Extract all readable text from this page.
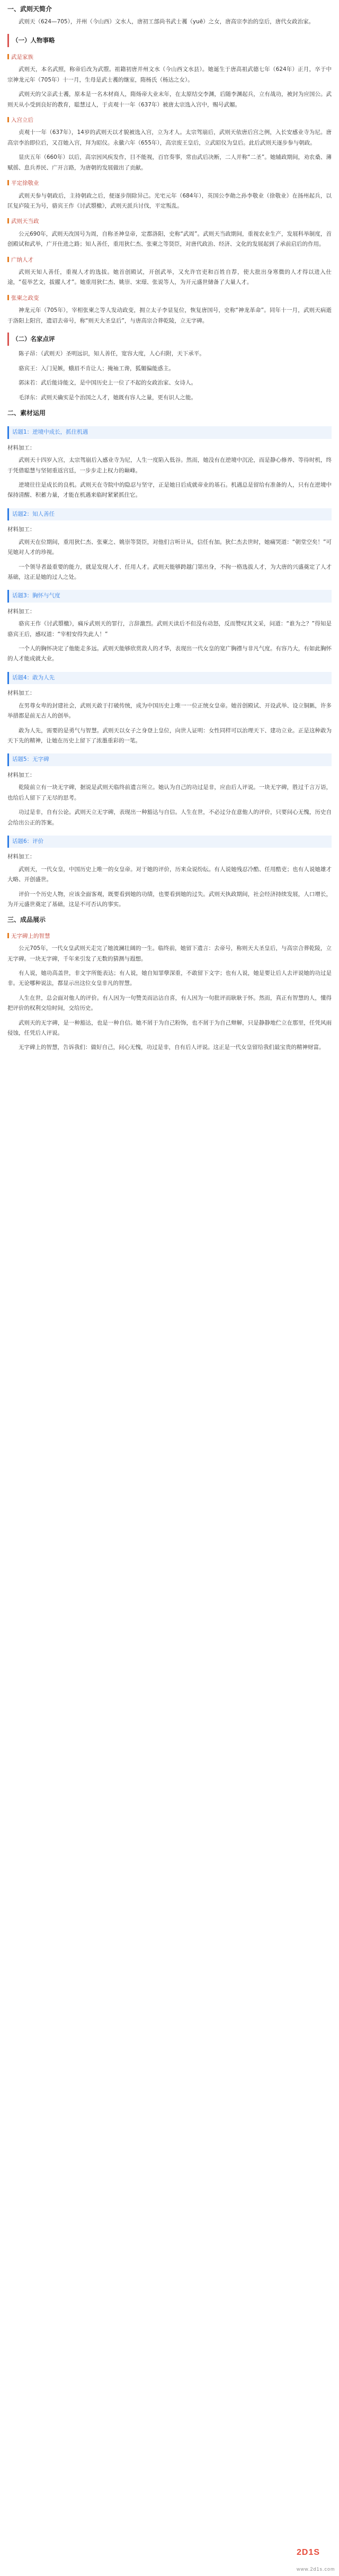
一、武则天简介

武则天（624—705），并州（今山西）文水人，唐初工部尚书武士彟（yuē）之女，唐高宗李治的皇后，唐代女政治家。

（一）人物事略
武是家族

武则天，本名武照，称帝后改为武曌。祖籍初唐并州文水（今山西文水县）。她诞生于唐高祖武德七年（624年）正月，卒于中宗神龙元年（705年）十一月，生母是武士彟的继室，隋杨氏（杨达之女）。

武则天的父亲武士彟，原本是一名木材商人，隋炀帝大业末年，在太原结交李渊，后随李渊起兵，立有战功，被封为应国公。武则天从小受到良好的教育，聪慧过人，于贞观十一年（637年）被唐太宗选入宫中，赐号武媚。

入宫立后

贞观十一年（637年），14岁的武则天以才貌被选入宫，立为才人。太宗驾崩后，武则天依唐后宫之例，入长安感业寺为尼。唐高宗李治即位后，又召她入宫，拜为昭仪。永徽六年（655年），高宗废王皇后，立武昭仪为皇后。此后武则天逐步参与朝政。

显庆五年（660年）以后，高宗因风疾发作，目不能视，百官奏事，常由武后决断，二人并称“二圣”。她辅政期间，劝农桑、薄赋徭、息兵养民、广开言路，为唐朝的发展做出了贡献。

平定徐敬业

武则天参与朝政后，主持朝政之后，便逐步削除异己。光宅元年（684年），英国公李勣之孙李敬业（徐敬业）在扬州起兵，以匡复庐陵王为号，骆宾王作《讨武曌檄》，武则天派兵讨伐，平定叛乱。

武则天当政

公元690年，武则天改国号为周，自称圣神皇帝，定都洛阳，史称“武周”。武则天当政期间，重视农业生产，发展科举制度，首创殿试和武举，广开仕进之路；知人善任，重用狄仁杰、张柬之等贤臣，对唐代政治、经济、文化的发展起到了承前启后的作用。

广纳人才

武则天知人善任，重视人才的选拔。她首创殿试，开创武举，又允许官吏和百姓自荐，使大批出身寒微的人才得以进入仕途，“苞举艺文，拔擢人才”。她重用狄仁杰、姚崇、宋璟、张说等人，为开元盛世储备了大量人才。

张柬之政变

神龙元年（705年），宰相张柬之等人发动政变，拥立太子李显复位，恢复唐国号，史称“神龙革命”。同年十一月，武则天病逝于洛阳上阳宫，遗诏去帝号，称“则天大圣皇后”，与唐高宗合葬乾陵，立无字碑。

（二）名家点评

陈子昂：（武则天）圣明远识，知人善任，宽容大度，人心归附，天下承平。

骆宾王：入门见嫉，蛾眉不肯让人；掩袖工谗，狐媚偏能惑主。

郭沫若：武后能诗能文，是中国历史上一位了不起的女政治家、女诗人。

毛泽东：武则天确实是个治国之人才，她既有容人之量，更有识人之能。

二、素材运用
话题1：逆境中成长，抓住机遇
材料加工：

武则天十四岁入宫，太宗驾崩后入感业寺为尼，人生一度陷入低谷。然而，她没有在逆境中沉沦，而是静心修养、等待时机，终于凭借聪慧与坚韧重返宫廷，一步步走上权力的巅峰。

逆境往往是成长的良机。武则天在寺院中的隐忍与坚守，正是她日后成就帝业的基石。机遇总是留给有准备的人，只有在逆境中保持清醒、积蓄力量，才能在机遇来临时紧紧抓住它。

话题2：知人善任
材料加工：

武则天在位期间，重用狄仁杰、张柬之、姚崇等贤臣，对他们言听计从，信任有加。狄仁杰去世时，她痛哭道：“朝堂空矣！”可见她对人才的珍视。

一个领导者最重要的能力，就是发现人才、任用人才。武则天能够跨越门第出身，不拘一格选拔人才，为大唐的兴盛奠定了人才基础，这正是她的过人之处。

话题3：胸怀与气度
材料加工：

骆宾王作《讨武曌檄》，痛斥武则天的罪行，言辞激烈。武则天读后不但没有动怒，反而赞叹其文采，问道：“谁为之？”得知是骆宾王后，感叹道：“宰相安得失此人！”

一个人的胸怀决定了他能走多远。武则天能够欣赏敌人的才华，表现出一代女皇的宽广胸襟与非凡气度。有容乃大，有如此胸怀的人才能成就大业。

话题4：敢为人先
材料加工：

在男尊女卑的封建社会，武则天敢于打破传统，成为中国历史上唯一一位正统女皇帝。她首创殿试、开设武举、设立铜匦，许多举措都是前无古人的创举。

敢为人先，需要的是勇气与智慧。武则天以女子之身登上皇位，向世人证明：女性同样可以治理天下、建功立业。正是这种敢为天下先的精神，让她在历史上留下了浓墨重彩的一笔。

话题5：无字碑
材料加工：

乾陵前立有一块无字碑，据说是武则天临终前遗言所立。她认为自己的功过是非，应由后人评说。一块无字碑，胜过千言万语，也给后人留下了无尽的思考。

功过是非，自有公论。武则天立无字碑，表现出一种豁达与自信。人生在世，不必过分在意他人的评价，只要问心无愧，历史自会给出公正的答案。

话题6：评价
材料加工：

武则天，一代女皇，中国历史上唯一的女皇帝。对于她的评价，历来众说纷纭。有人说她残忍冷酷、任用酷吏；也有人说她雄才大略、开创盛世。

评价一个历史人物，应该全面客观，既要看到她的功绩，也要看到她的过失。武则天执政期间，社会经济持续发展，人口增长，为开元盛世奠定了基础，这是不可否认的事实。

三、成品展示
无字碑上的智慧

公元705年，一代女皇武则天走完了她波澜壮阔的一生。临终前，她留下遗言：去帝号，称则天大圣皇后，与高宗合葬乾陵，立无字碑。一块无字碑，千年来引发了无数的猜测与遐想。

有人说，她功高盖世，非文字所能表达；有人说，她自知罪孽深重，不敢留下文字；也有人说，她是要让后人去评说她的功过是非。无论哪种说法，都显示出这位女皇非凡的智慧。

人生在世，总会面对他人的评价。有人因为一句赞美而沾沾自喜，有人因为一句批评而耿耿于怀。然而，真正有智慧的人，懂得把评价的权利交给时间，交给历史。

武则天的无字碑，是一种豁达，也是一种自信。她不屑于为自己粉饰，也不屑于为自己辩解，只是静静地伫立在那里，任凭风雨侵蚀，任凭后人评说。

无字碑上的智慧，告诉我们：做好自己，问心无愧，功过是非，自有后人评说。这正是一代女皇留给我们最宝贵的精神财富。

2D1S
www.2d1s.com
